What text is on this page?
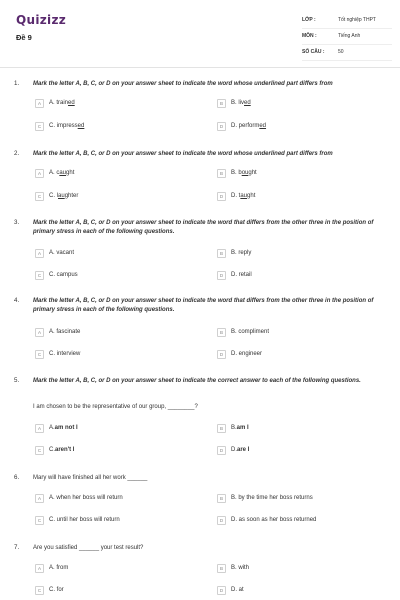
Quizizz
Đề 9
LỚP :	Tốt nghiệp THPT
MÔN :	Tiếng Anh
SỐ CÂU :	50
1. Mark the letter A, B, C, or D on your answer sheet to indicate the word whose underlined part differs from
A	A. trained	B	B. lived
C	C. impressed	D	D. performed
2. Mark the letter A, B, C, or D on your answer sheet to indicate the word whose underlined part differs from
A	A. caught	B	B. bought
C	C. laughter	D	D. taught
3. Mark the letter A, B, C, or D on your answer sheet to indicate the word that differs from the other three in the position of primary stress in each of the following questions.
A	A. vacant	B	B. reply
C	C. campus	D	D. retail
4. Mark the letter A, B, C, or D on your answer sheet to indicate the word that differs from the other three in the position of primary stress in each of the following questions.
A	A. fascinate	B	B. compliment
C	C. interview	D	D. engineer
5. Mark the letter A, B, C, or D on your answer sheet to indicate the correct answer to each of the following questions.
I am chosen to be the representative of our group, ________?
A	A.am not I	B	B.am I
C	C.aren't I	D	D.are I
6. Mary will have finished all her work ______
A	A. when her boss will return	B	B. by the time her boss returns
C	C. until her boss will return	D	D. as soon as her boss returned
7. Are you satisfied ______ your test result?
A	A. from	B	B. with
C	C. for	D	D. at
